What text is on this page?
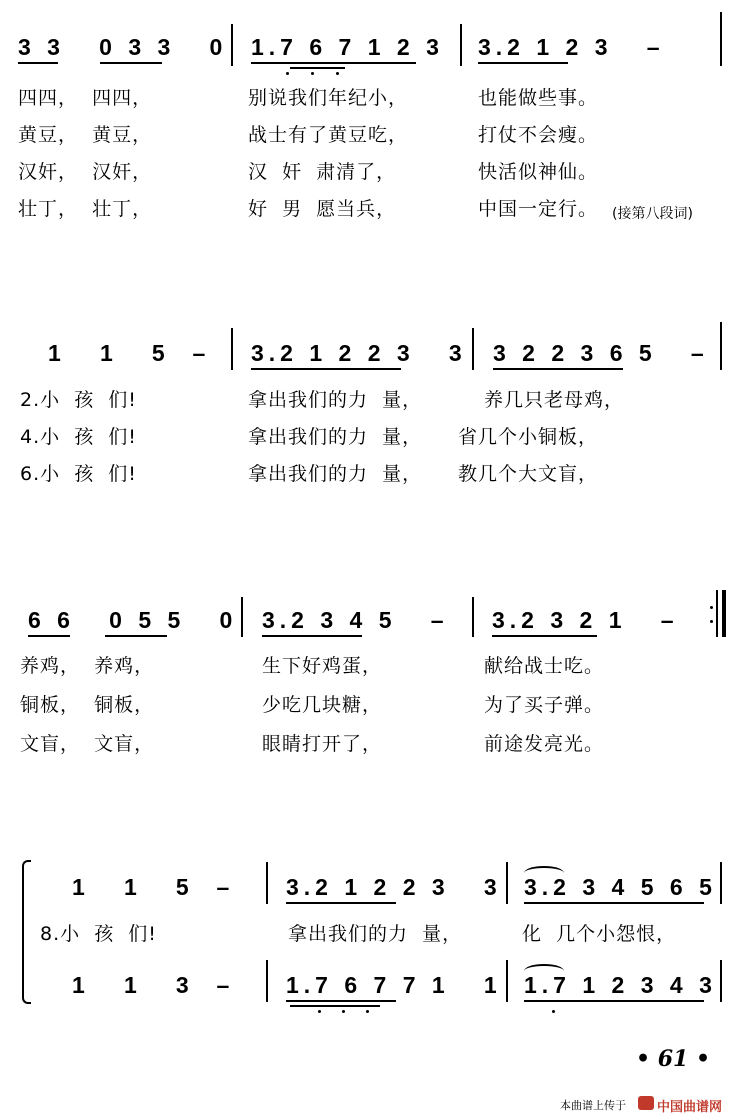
3 3   0 3 3   0 1.7 6 7 1 2 3 3.2 1 2 3   –
四四，  四四，	别说我们年纪小，	也能做些事。
黄豆，  黄豆，	战士有了黄豆吃，	打仗不会瘦。
汉奸，  汉奸，	汉  奸  肃清了，	快活似神仙。
壮丁，  壮丁，	好  男  愿当兵，	中国一定行。 (接第八段词)
1   1   5  – 3.2 1 2 2 3   3 3 2 2 3 6 5   –
2.小  孩  们!	拿出我们的力  量，	养几只老母鸡，
4.小  孩  们!	拿出我们的力  量， 省几个小铜板，
6.小  孩  们!	拿出我们的力  量， 教几个大文盲，
6 6   0 5 5   0 3.2 3 4 5   – 3.2 3 2 1   –
养鸡，  养鸡，	生下好鸡蛋，	献给战士吃。
铜板，  铜板，	少吃几块糖，	为了买子弹。
文盲，  文盲，	眼睛打开了，	前途发亮光。
1   1   5  – 3.2 1 2 2 3   3 3.2 3 4 5 6 5
8.小  孩  们!	拿出我们的力  量，	化  几个小怨恨，
1   1   3  – 1.7 6 7 7 1   1 1.7 1 2 3 4 3
• 61 •
本曲谱上传于 中国曲谱网
